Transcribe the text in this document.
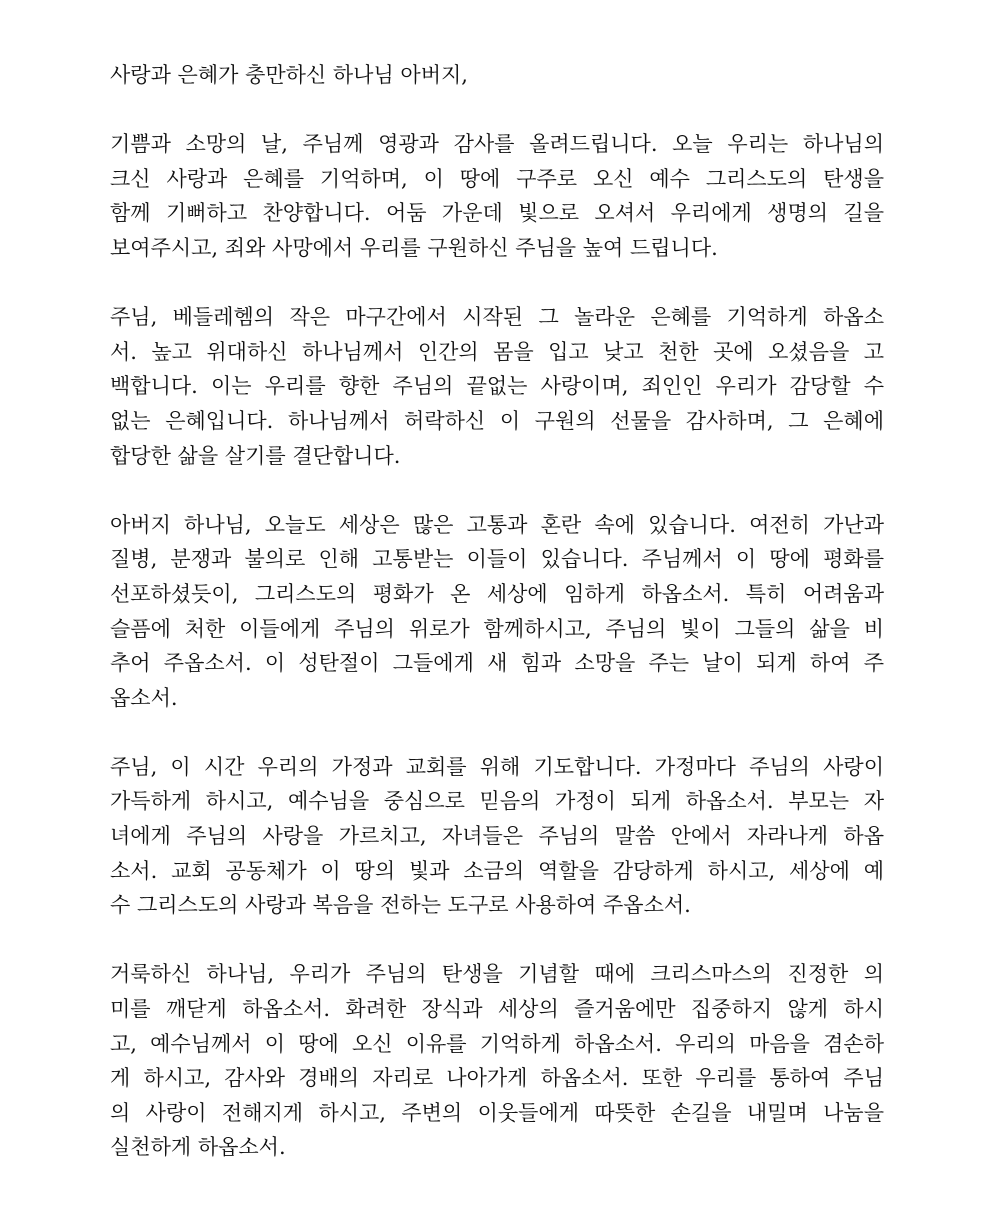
사랑과 은혜가 충만하신 하나님 아버지,

기쁨과 소망의 날, 주님께 영광과 감사를 올려드립니다. 오늘 우리는 하나님의
크신 사랑과 은혜를 기억하며, 이 땅에 구주로 오신 예수 그리스도의 탄생을
함께 기뻐하고 찬양합니다. 어둠 가운데 빛으로 오셔서 우리에게 생명의 길을
보여주시고, 죄와 사망에서 우리를 구원하신 주님을 높여 드립니다.

주님, 베들레헴의 작은 마구간에서 시작된 그 놀라운 은혜를 기억하게 하옵소
서. 높고 위대하신 하나님께서 인간의 몸을 입고 낮고 천한 곳에 오셨음을 고
백합니다. 이는 우리를 향한 주님의 끝없는 사랑이며, 죄인인 우리가 감당할 수
없는 은혜입니다. 하나님께서 허락하신 이 구원의 선물을 감사하며, 그 은혜에
합당한 삶을 살기를 결단합니다.

아버지 하나님, 오늘도 세상은 많은 고통과 혼란 속에 있습니다. 여전히 가난과
질병, 분쟁과 불의로 인해 고통받는 이들이 있습니다. 주님께서 이 땅에 평화를
선포하셨듯이, 그리스도의 평화가 온 세상에 임하게 하옵소서. 특히 어려움과
슬픔에 처한 이들에게 주님의 위로가 함께하시고, 주님의 빛이 그들의 삶을 비
추어 주옵소서. 이 성탄절이 그들에게 새 힘과 소망을 주는 날이 되게 하여 주
옵소서.

주님, 이 시간 우리의 가정과 교회를 위해 기도합니다. 가정마다 주님의 사랑이
가득하게 하시고, 예수님을 중심으로 믿음의 가정이 되게 하옵소서. 부모는 자
녀에게 주님의 사랑을 가르치고, 자녀들은 주님의 말씀 안에서 자라나게 하옵
소서. 교회 공동체가 이 땅의 빛과 소금의 역할을 감당하게 하시고, 세상에 예
수 그리스도의 사랑과 복음을 전하는 도구로 사용하여 주옵소서.

거룩하신 하나님, 우리가 주님의 탄생을 기념할 때에 크리스마스의 진정한 의
미를 깨닫게 하옵소서. 화려한 장식과 세상의 즐거움에만 집중하지 않게 하시
고, 예수님께서 이 땅에 오신 이유를 기억하게 하옵소서. 우리의 마음을 겸손하
게 하시고, 감사와 경배의 자리로 나아가게 하옵소서. 또한 우리를 통하여 주님
의 사랑이 전해지게 하시고, 주변의 이웃들에게 따뜻한 손길을 내밀며 나눔을
실천하게 하옵소서.
